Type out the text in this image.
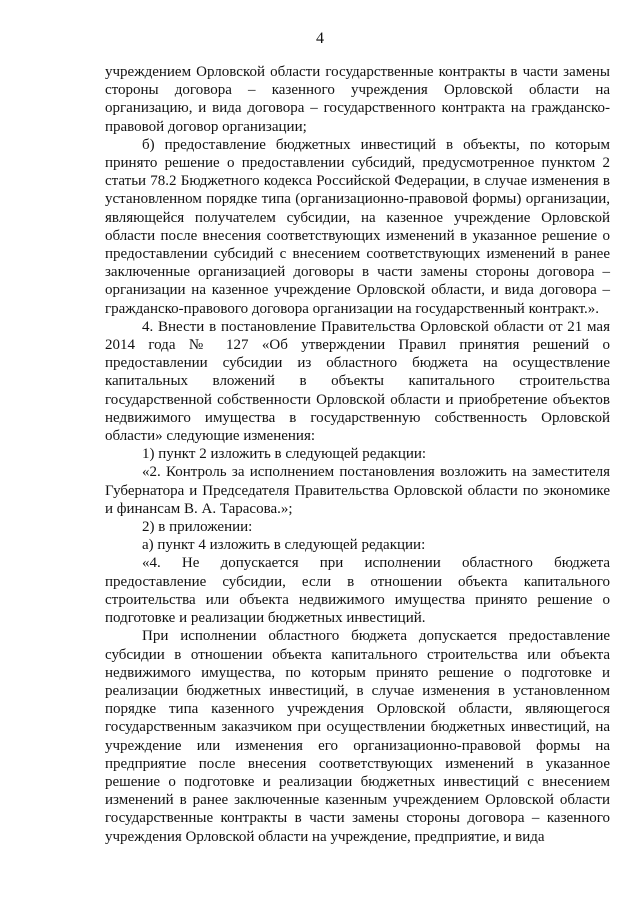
4

учреждением Орловской области государственные контракты в части замены стороны договора – казенного учреждения Орловской области на организацию, и вида договора – государственного контракта на гражданско-правовой договор организации;

б) предоставление бюджетных инвестиций в объекты, по которым принято решение о предоставлении субсидий, предусмотренное пунктом 2 статьи 78.2 Бюджетного кодекса Российской Федерации, в случае изменения в установленном порядке типа (организационно-правовой формы) организации, являющейся получателем субсидии, на казенное учреждение Орловской области после внесения соответствующих изменений в указанное решение о предоставлении субсидий с внесением соответствующих изменений в ранее заключенные организацией договоры в части замены стороны договора – организации на казенное учреждение Орловской области, и вида договора – гражданско-правового договора организации на государственный контракт.».

4. Внести в постановление Правительства Орловской области от 21 мая 2014 года № 127 «Об утверждении Правил принятия решений о предоставлении субсидии из областного бюджета на осуществление капитальных вложений в объекты капитального строительства государственной собственности Орловской области и приобретение объектов недвижимого имущества в государственную собственность Орловской области» следующие изменения:

1) пункт 2 изложить в следующей редакции:

«2. Контроль за исполнением постановления возложить на заместителя Губернатора и Председателя Правительства Орловской области по экономике и финансам В. А. Тарасова.»;

2) в приложении:

а) пункт 4 изложить в следующей редакции:

«4. Не допускается при исполнении областного бюджета предоставление субсидии, если в отношении объекта капитального строительства или объекта недвижимого имущества принято решение о подготовке и реализации бюджетных инвестиций.

При исполнении областного бюджета допускается предоставление субсидии в отношении объекта капитального строительства или объекта недвижимого имущества, по которым принято решение о подготовке и реализации бюджетных инвестиций, в случае изменения в установленном порядке типа казенного учреждения Орловской области, являющегося государственным заказчиком при осуществлении бюджетных инвестиций, на учреждение или изменения его организационно-правовой формы на предприятие после внесения соответствующих изменений в указанное решение о подготовке и реализации бюджетных инвестиций с внесением изменений в ранее заключенные казенным учреждением Орловской области государственные контракты в части замены стороны договора – казенного учреждения Орловской области на учреждение, предприятие, и вида
